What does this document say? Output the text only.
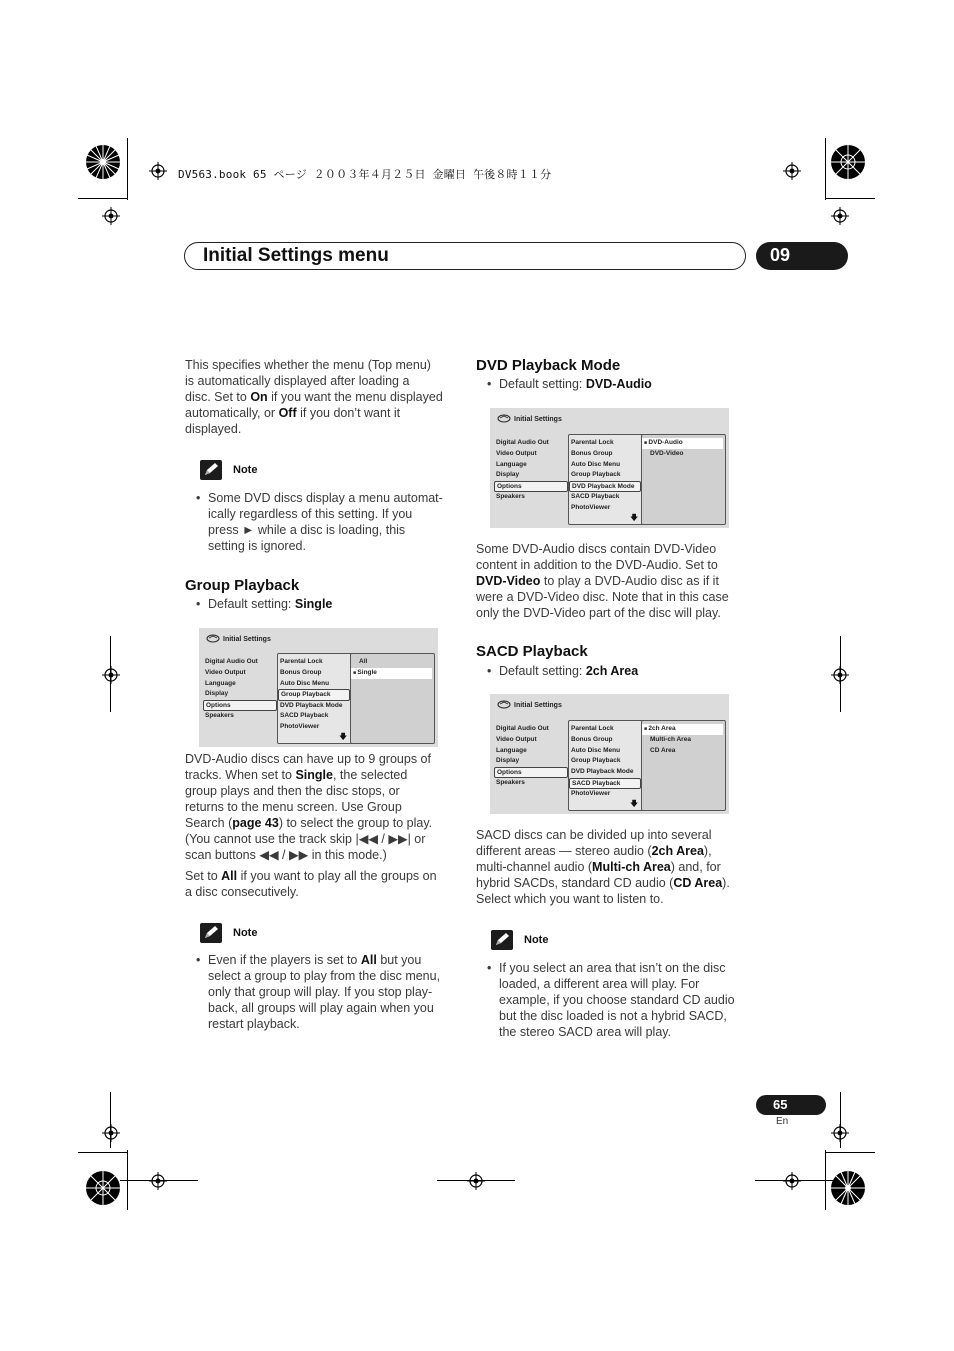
DV563.book 65 ページ ２００３年４月２５日 金曜日 午後８時１１分
Initial Settings menu	09
This specifies whether the menu (Top menu)
is automatically displayed after loading a
disc. Set to On if you want the menu displayed
automatically, or Off if you don’t want it
displayed.
Note
• Some DVD discs display a menu automat-
ically regardless of this setting. If you
press ► while a disc is loading, this
setting is ignored.
Group Playback
• Default setting: Single
Initial Settings
Digital Audio Out
Video Output
Language
Display
Options
Speakers
Parental Lock
Bonus Group
Auto Disc Menu
Group Playback
DVD Playback Mode
SACD Playback
PhotoViewer
🡇
All
■ Single
DVD-Audio discs can have up to 9 groups of
tracks. When set to Single, the selected
group plays and then the disc stops, or
returns to the menu screen. Use Group
Search (page 43) to select the group to play.
(You cannot use the track skip |◀◀ / ▶▶| or
scan buttons ◀◀ / ▶▶ in this mode.)
Set to All if you want to play all the groups on
a disc consecutively.
Note
• Even if the players is set to All but you
select a group to play from the disc menu,
only that group will play. If you stop play-
back, all groups will play again when you
restart playback.
DVD Playback Mode
• Default setting: DVD-Audio
Initial Settings
Digital Audio Out
Video Output
Language
Display
Options
Speakers
Parental Lock
Bonus Group
Auto Disc Menu
Group Playback
DVD Playback Mode
SACD Playback
PhotoViewer
🡇
■ DVD-Audio
DVD-Video
Some DVD-Audio discs contain DVD-Video
content in addition to the DVD-Audio. Set to
DVD-Video to play a DVD-Audio disc as if it
were a DVD-Video disc. Note that in this case
only the DVD-Video part of the disc will play.
SACD Playback
• Default setting: 2ch Area
Initial Settings
Digital Audio Out
Video Output
Language
Display
Options
Speakers
Parental Lock
Bonus Group
Auto Disc Menu
Group Playback
DVD Playback Mode
SACD Playback
PhotoViewer
🡇
■ 2ch Area
Multi-ch Area
CD Area
SACD discs can be divided up into several
different areas — stereo audio (2ch Area),
multi-channel audio (Multi-ch Area) and, for
hybrid SACDs, standard CD audio (CD Area).
Select which you want to listen to.
Note
• If you select an area that isn’t on the disc
loaded, a different area will play. For
example, if you choose standard CD audio
but the disc loaded is not a hybrid SACD,
the stereo SACD area will play.
65
En
